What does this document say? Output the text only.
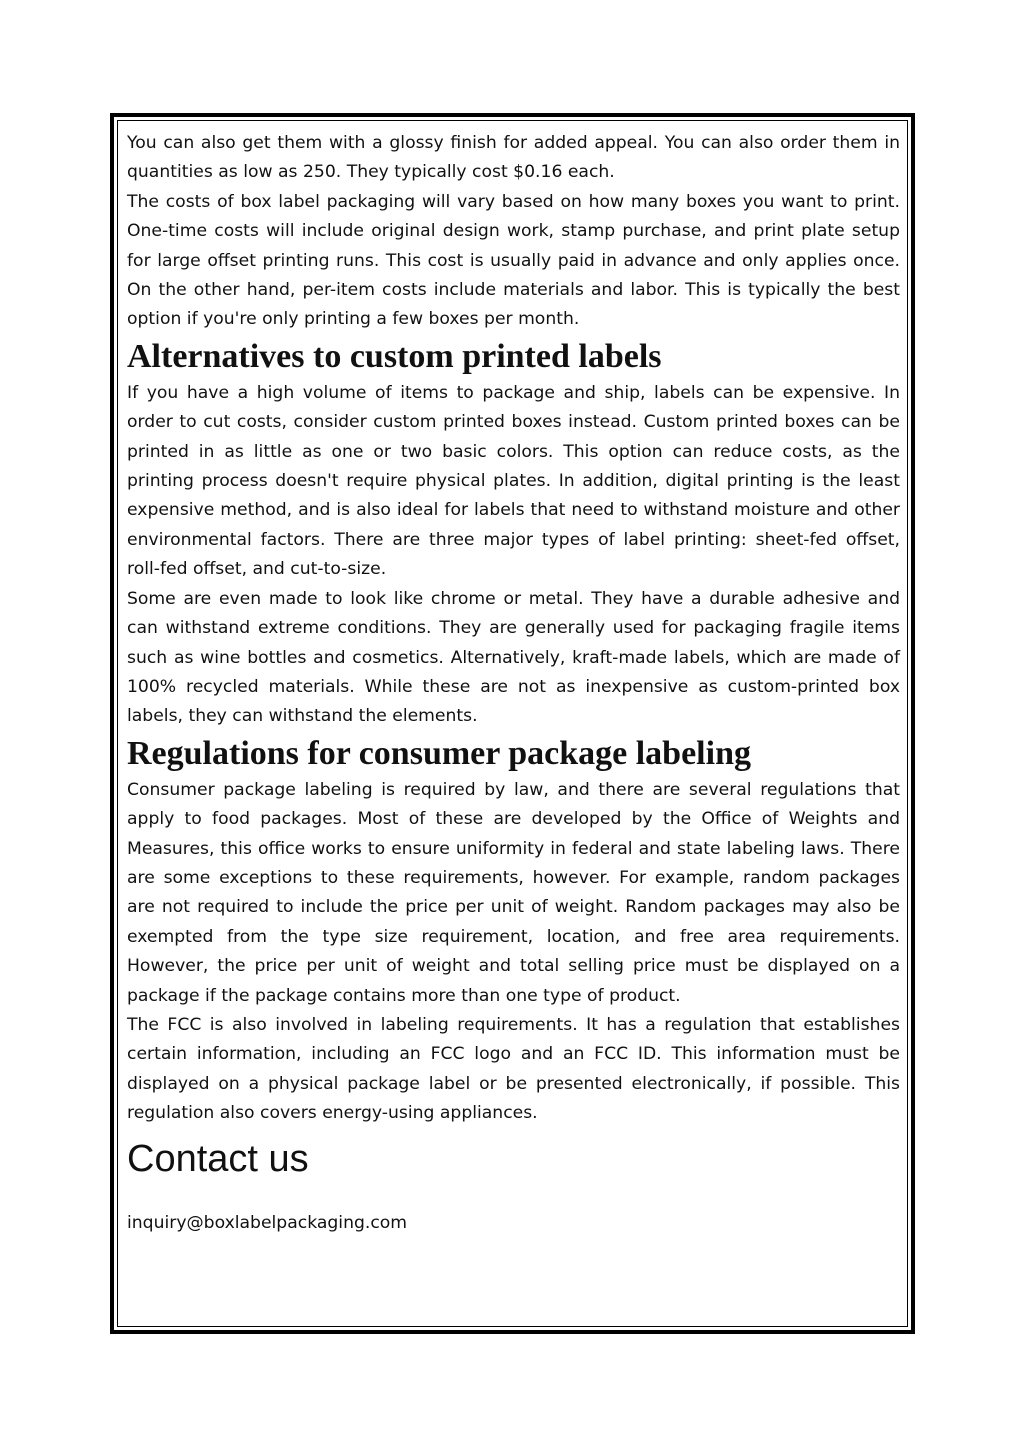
You can also get them with a glossy finish for added appeal. You can also order them in quantities as low as 250. They typically cost $0.16 each.

The costs of box label packaging will vary based on how many boxes you want to print. One-time costs will include original design work, stamp purchase, and print plate setup for large offset printing runs. This cost is usually paid in advance and only applies once. On the other hand, per-item costs include materials and labor. This is typically the best option if you're only printing a few boxes per month.

Alternatives to custom printed labels

If you have a high volume of items to package and ship, labels can be expensive. In order to cut costs, consider custom printed boxes instead. Custom printed boxes can be printed in as little as one or two basic colors. This option can reduce costs, as the printing process doesn't require physical plates. In addition, digital printing is the least expensive method, and is also ideal for labels that need to withstand moisture and other environmental factors. There are three major types of label printing: sheet-fed offset, roll-fed offset, and cut-to-size.

Some are even made to look like chrome or metal. They have a durable adhesive and can withstand extreme conditions. They are generally used for packaging fragile items such as wine bottles and cosmetics. Alternatively, kraft-made labels, which are made of 100% recycled materials. While these are not as inexpensive as custom-printed box labels, they can withstand the elements.

Regulations for consumer package labeling

Consumer package labeling is required by law, and there are several regulations that apply to food packages. Most of these are developed by the Office of Weights and Measures, this office works to ensure uniformity in federal and state labeling laws. There are some exceptions to these requirements, however. For example, random packages are not required to include the price per unit of weight. Random packages may also be exempted from the type size requirement, location, and free area requirements. However, the price per unit of weight and total selling price must be displayed on a package if the package contains more than one type of product.

The FCC is also involved in labeling requirements. It has a regulation that establishes certain information, including an FCC logo and an FCC ID. This information must be displayed on a physical package label or be presented electronically, if possible. This regulation also covers energy-using appliances.

Contact us

inquiry@boxlabelpackaging.com
